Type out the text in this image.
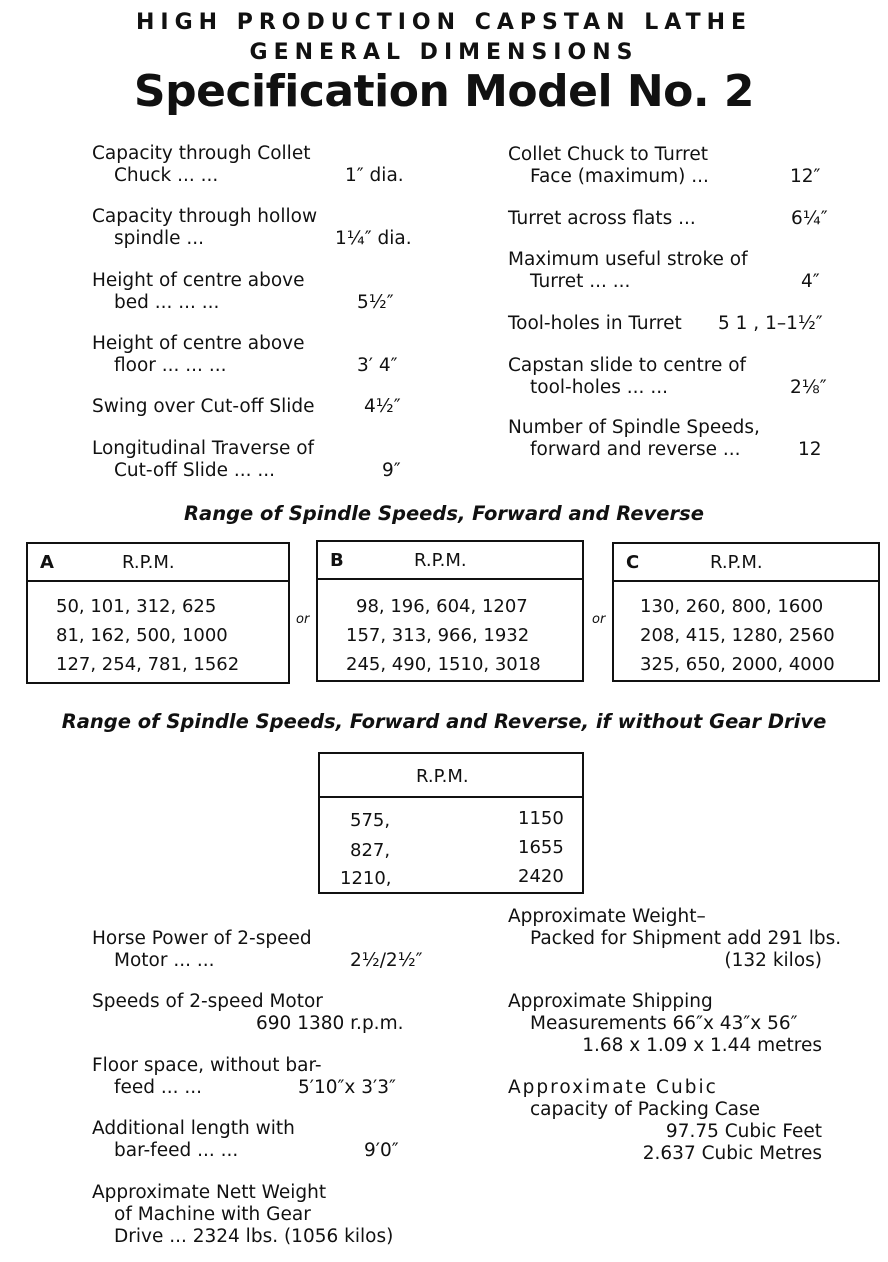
HIGH PRODUCTION CAPSTAN LATHE
GENERAL DIMENSIONS
Specification Model No. 2
Capacity through Collet
Chuck ... ...	1″ dia.
Capacity through hollow
spindle ...	1¼″ dia.
Height of centre above
bed ... ... ...	5½″
Height of centre above
floor ... ... ...	3′ 4″
Swing over Cut-off Slide	4½″
Longitudinal Traverse of
Cut-off Slide ... ...	9″
Collet Chuck to Turret
Face (maximum) ...	12″
Turret across flats ...	6¼″
Maximum useful stroke of
Turret ... ...	4″
Tool-holes in Turret	5 1 , 1–1½″
Capstan slide to centre of
tool-holes ... ...	2⅛″
Number of Spindle Speeds,
forward and reverse ...	12
Range of Spindle Speeds, Forward and Reverse
A	R.P.M.
50, 101, 312, 625
81, 162, 500, 1000
127, 254, 781, 1562
or
B	R.P.M.
98, 196, 604, 1207
157, 313, 966, 1932
245, 490, 1510, 3018
or
C	R.P.M.
130, 260, 800, 1600
208, 415, 1280, 2560
325, 650, 2000, 4000
Range of Spindle Speeds, Forward and Reverse, if without Gear Drive
R.P.M.
575,	1150
827,	1655
1210,	2420
Horse Power of 2-speed
Motor ... ...	2½/2½″
Speeds of 2-speed Motor
690 1380 r.p.m.
Floor space, without bar-
feed ... ...	5′10″x 3′3″
Additional length with
bar-feed ... ...	9′0″
Approximate Nett Weight
of Machine with Gear
Drive ... 2324 lbs. (1056 kilos)
Approximate Weight–
Packed for Shipment add 291 lbs.
(132 kilos)
Approximate Shipping
Measurements 66″x 43″x 56″
1.68 x 1.09 x 1.44 metres
Approximate Cubic
capacity of Packing Case
97.75 Cubic Feet
2.637 Cubic Metres
